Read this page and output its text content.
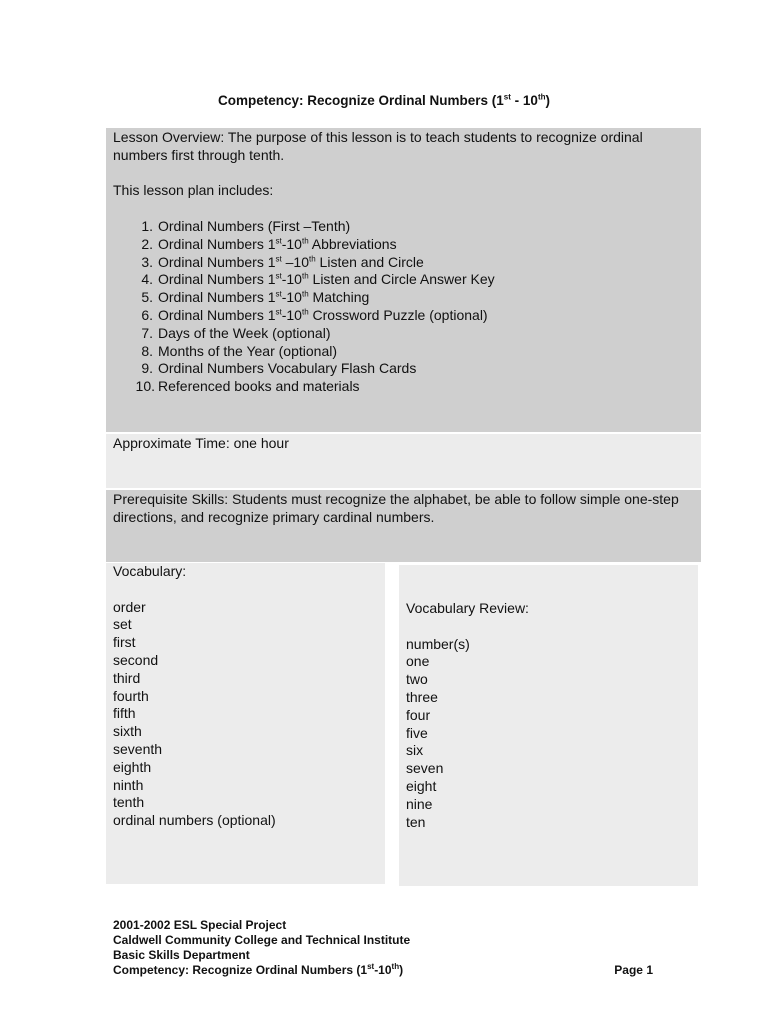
Competency: Recognize Ordinal Numbers (1st - 10th)

Lesson Overview: The purpose of this lesson is to teach students to recognize ordinal numbers first through tenth.

This lesson plan includes:

1. Ordinal Numbers (First –Tenth)
2. Ordinal Numbers 1st-10th Abbreviations
3. Ordinal Numbers 1st –10th Listen and Circle
4. Ordinal Numbers 1st-10th Listen and Circle Answer Key
5. Ordinal Numbers 1st-10th Matching
6. Ordinal Numbers 1st-10th Crossword Puzzle (optional)
7. Days of the Week (optional)
8. Months of the Year (optional)
9. Ordinal Numbers Vocabulary Flash Cards
10. Referenced books and materials

Approximate Time: one hour

Prerequisite Skills: Students must recognize the alphabet, be able to follow simple one-step directions, and recognize primary cardinal numbers.

Vocabulary:

order
set
first
second
third
fourth
fifth
sixth
seventh
eighth
ninth
tenth
ordinal numbers (optional)

Vocabulary Review:

number(s)
one
two
three
four
five
six
seven
eight
nine
ten
2001-2002 ESL Special Project
Caldwell Community College and Technical Institute
Basic Skills Department
Competency: Recognize Ordinal Numbers (1st-10th)	Page 1
